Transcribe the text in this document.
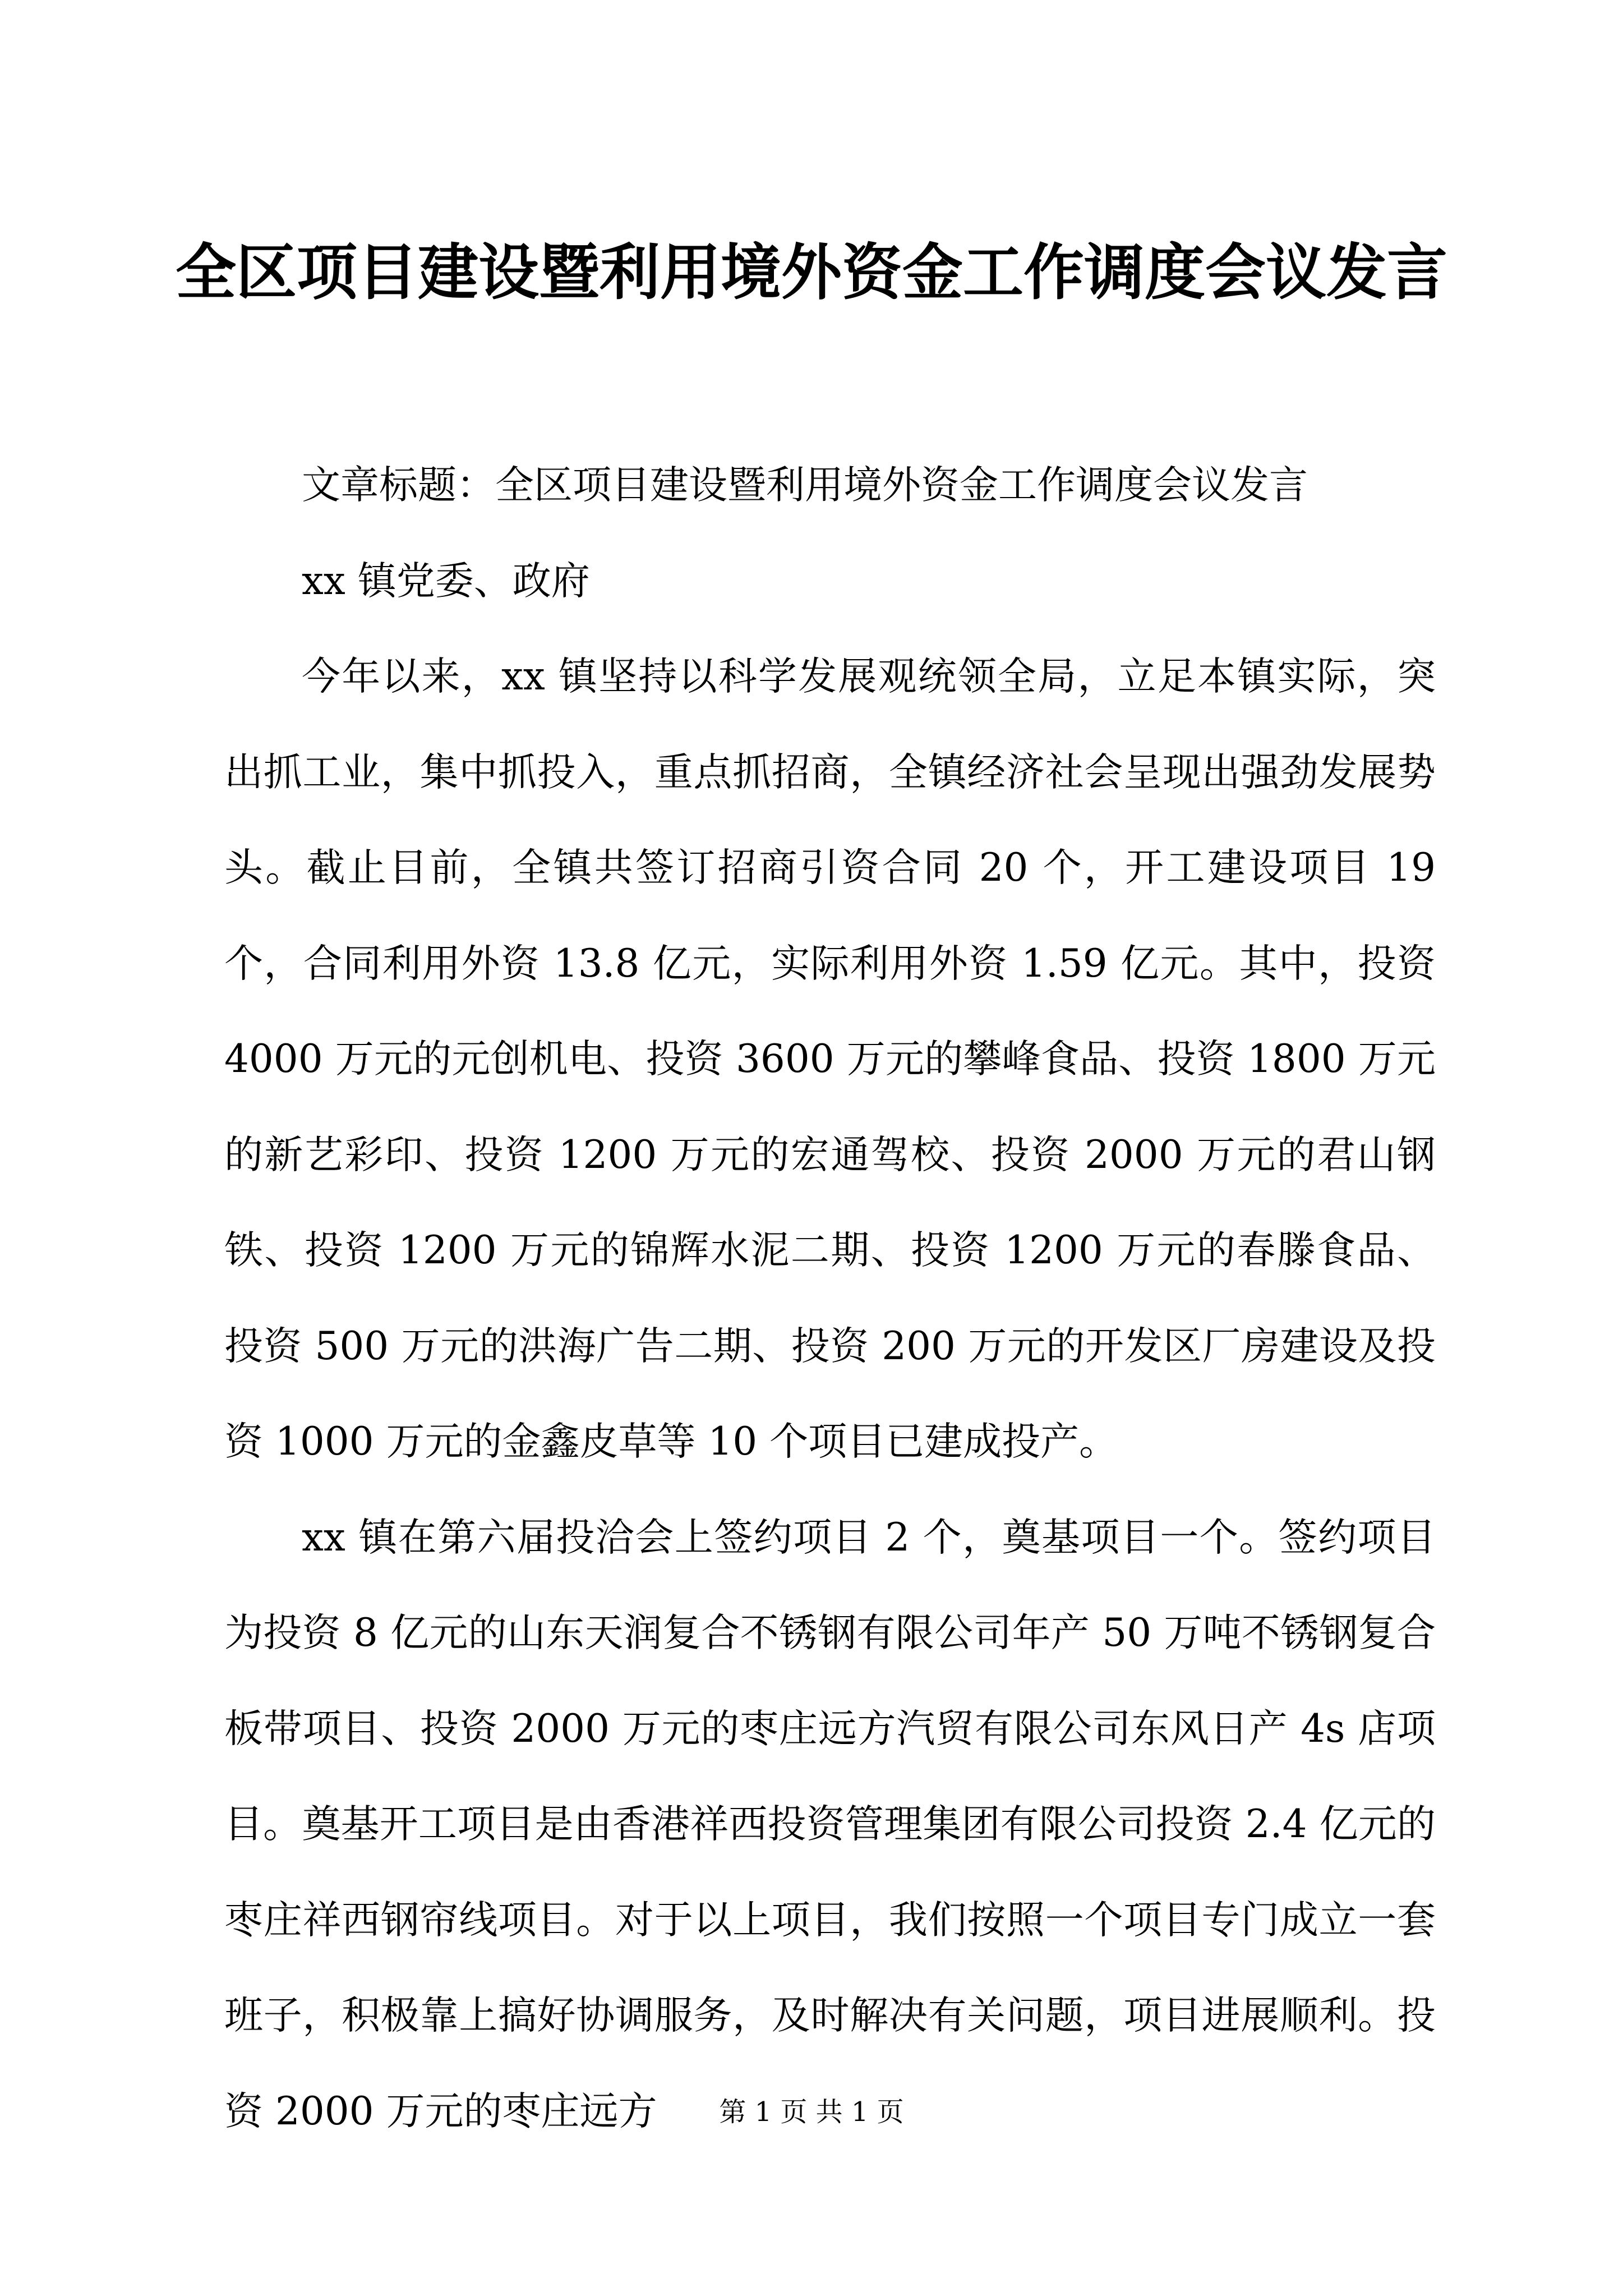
全区项目建设暨利用境外资金工作调度会议发言

文章标题：全区项目建设暨利用境外资金工作调度会议发言

xx 镇党委、政府

今年以来，xx 镇坚持以科学发展观统领全局，立足本镇实际，突出抓工业，集中抓投入，重点抓招商，全镇经济社会呈现出强劲发展势头。截止目前，全镇共签订招商引资合同 20 个，开工建设项目 19 个，合同利用外资 13.8 亿元，实际利用外资 1.59 亿元。其中，投资 4000 万元的元创机电、投资 3600 万元的攀峰食品、投资 1800 万元的新艺彩印、投资 1200 万元的宏通驾校、投资 2000 万元的君山钢铁、投资 1200 万元的锦辉水泥二期、投资 1200 万元的春滕食品、投资 500 万元的洪海广告二期、投资 200 万元的开发区厂房建设及投资 1000 万元的金鑫皮草等 10 个项目已建成投产。

xx 镇在第六届投洽会上签约项目 2 个，奠基项目一个。签约项目为投资 8 亿元的山东天润复合不锈钢有限公司年产 50 万吨不锈钢复合板带项目、投资 2000 万元的枣庄远方汽贸有限公司东风日产 4s 店项目。奠基开工项目是由香港祥西投资管理集团有限公司投资 2.4 亿元的枣庄祥西钢帘线项目。对于以上项目，我们按照一个项目专门成立一套班子，积极靠上搞好协调服务，及时解决有关问题，项目进展顺利。投资 2000 万元的枣庄远方	第 1 页 共 1 页
